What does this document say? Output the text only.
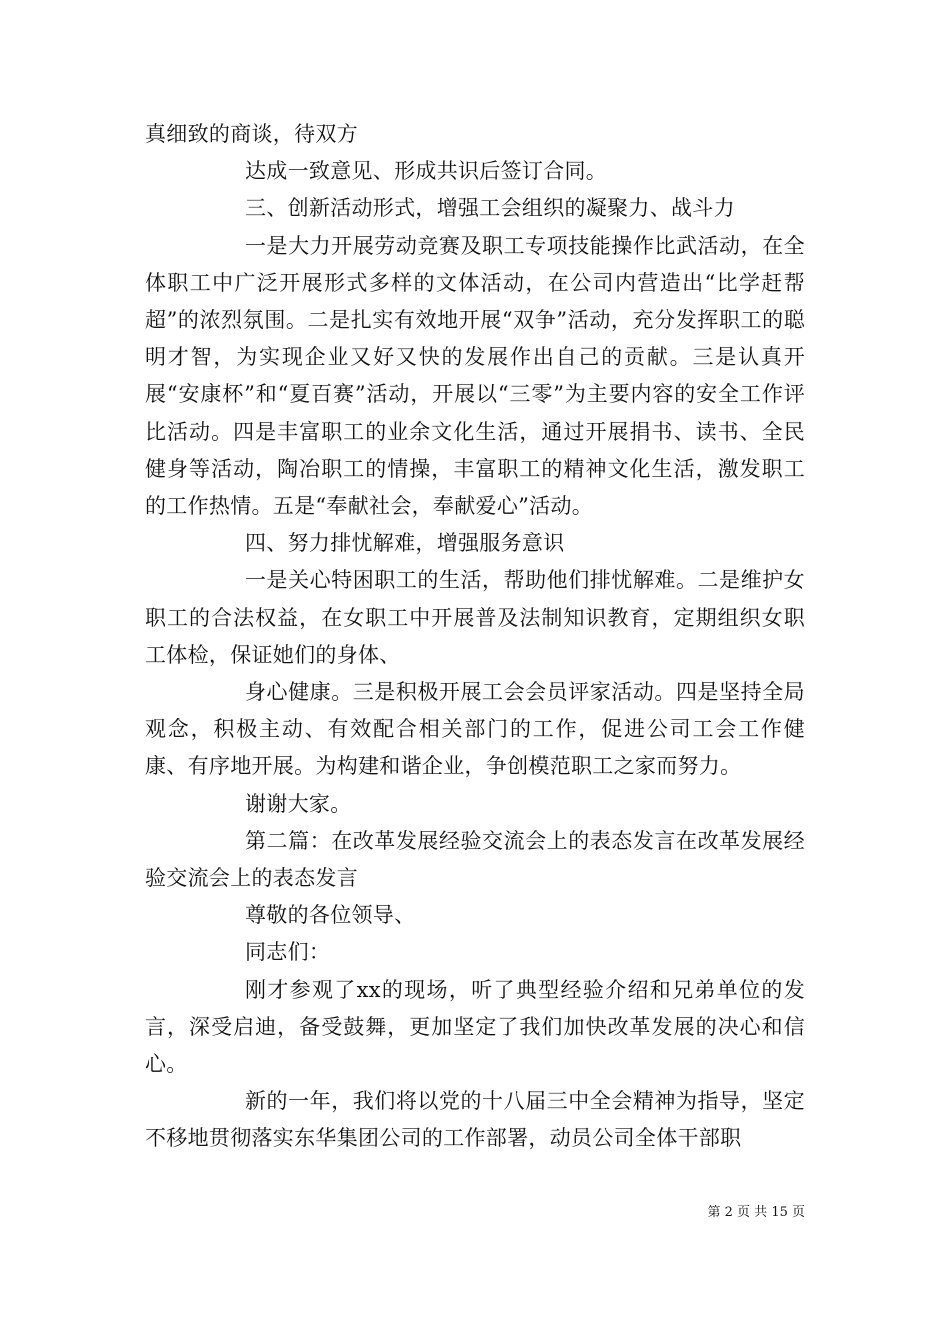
真细致的商谈，待双方

达成一致意见、形成共识后签订合同。

三、创新活动形式，增强工会组织的凝聚力、战斗力

一是大力开展劳动竞赛及职工专项技能操作比武活动，在全体职工中广泛开展形式多样的文体活动，在公司内营造出“比学赶帮超”的浓烈氛围。二是扎实有效地开展“双争”活动，充分发挥职工的聪明才智，为实现企业又好又快的发展作出自己的贡献。三是认真开展“安康杯”和“夏百赛”活动，开展以“三零”为主要内容的安全工作评比活动。四是丰富职工的业余文化生活，通过开展捐书、读书、全民健身等活动，陶冶职工的情操，丰富职工的精神文化生活，激发职工的工作热情。五是“奉献社会，奉献爱心”活动。

四、努力排忧解难，增强服务意识

一是关心特困职工的生活，帮助他们排忧解难。二是维护女职工的合法权益，在女职工中开展普及法制知识教育，定期组织女职工体检，保证她们的身体、

身心健康。三是积极开展工会会员评家活动。四是坚持全局观念，积极主动、有效配合相关部门的工作，促进公司工会工作健康、有序地开展。为构建和谐企业，争创模范职工之家而努力。

谢谢大家。

第二篇：在改革发展经验交流会上的表态发言在改革发展经验交流会上的表态发言

尊敬的各位领导、

同志们：

刚才参观了xx的现场，听了典型经验介绍和兄弟单位的发言，深受启迪，备受鼓舞，更加坚定了我们加快改革发展的决心和信心。

新的一年，我们将以党的十八届三中全会精神为指导，坚定不移地贯彻落实东华集团公司的工作部署，动员公司全体干部职

第 2 页 共 15 页
